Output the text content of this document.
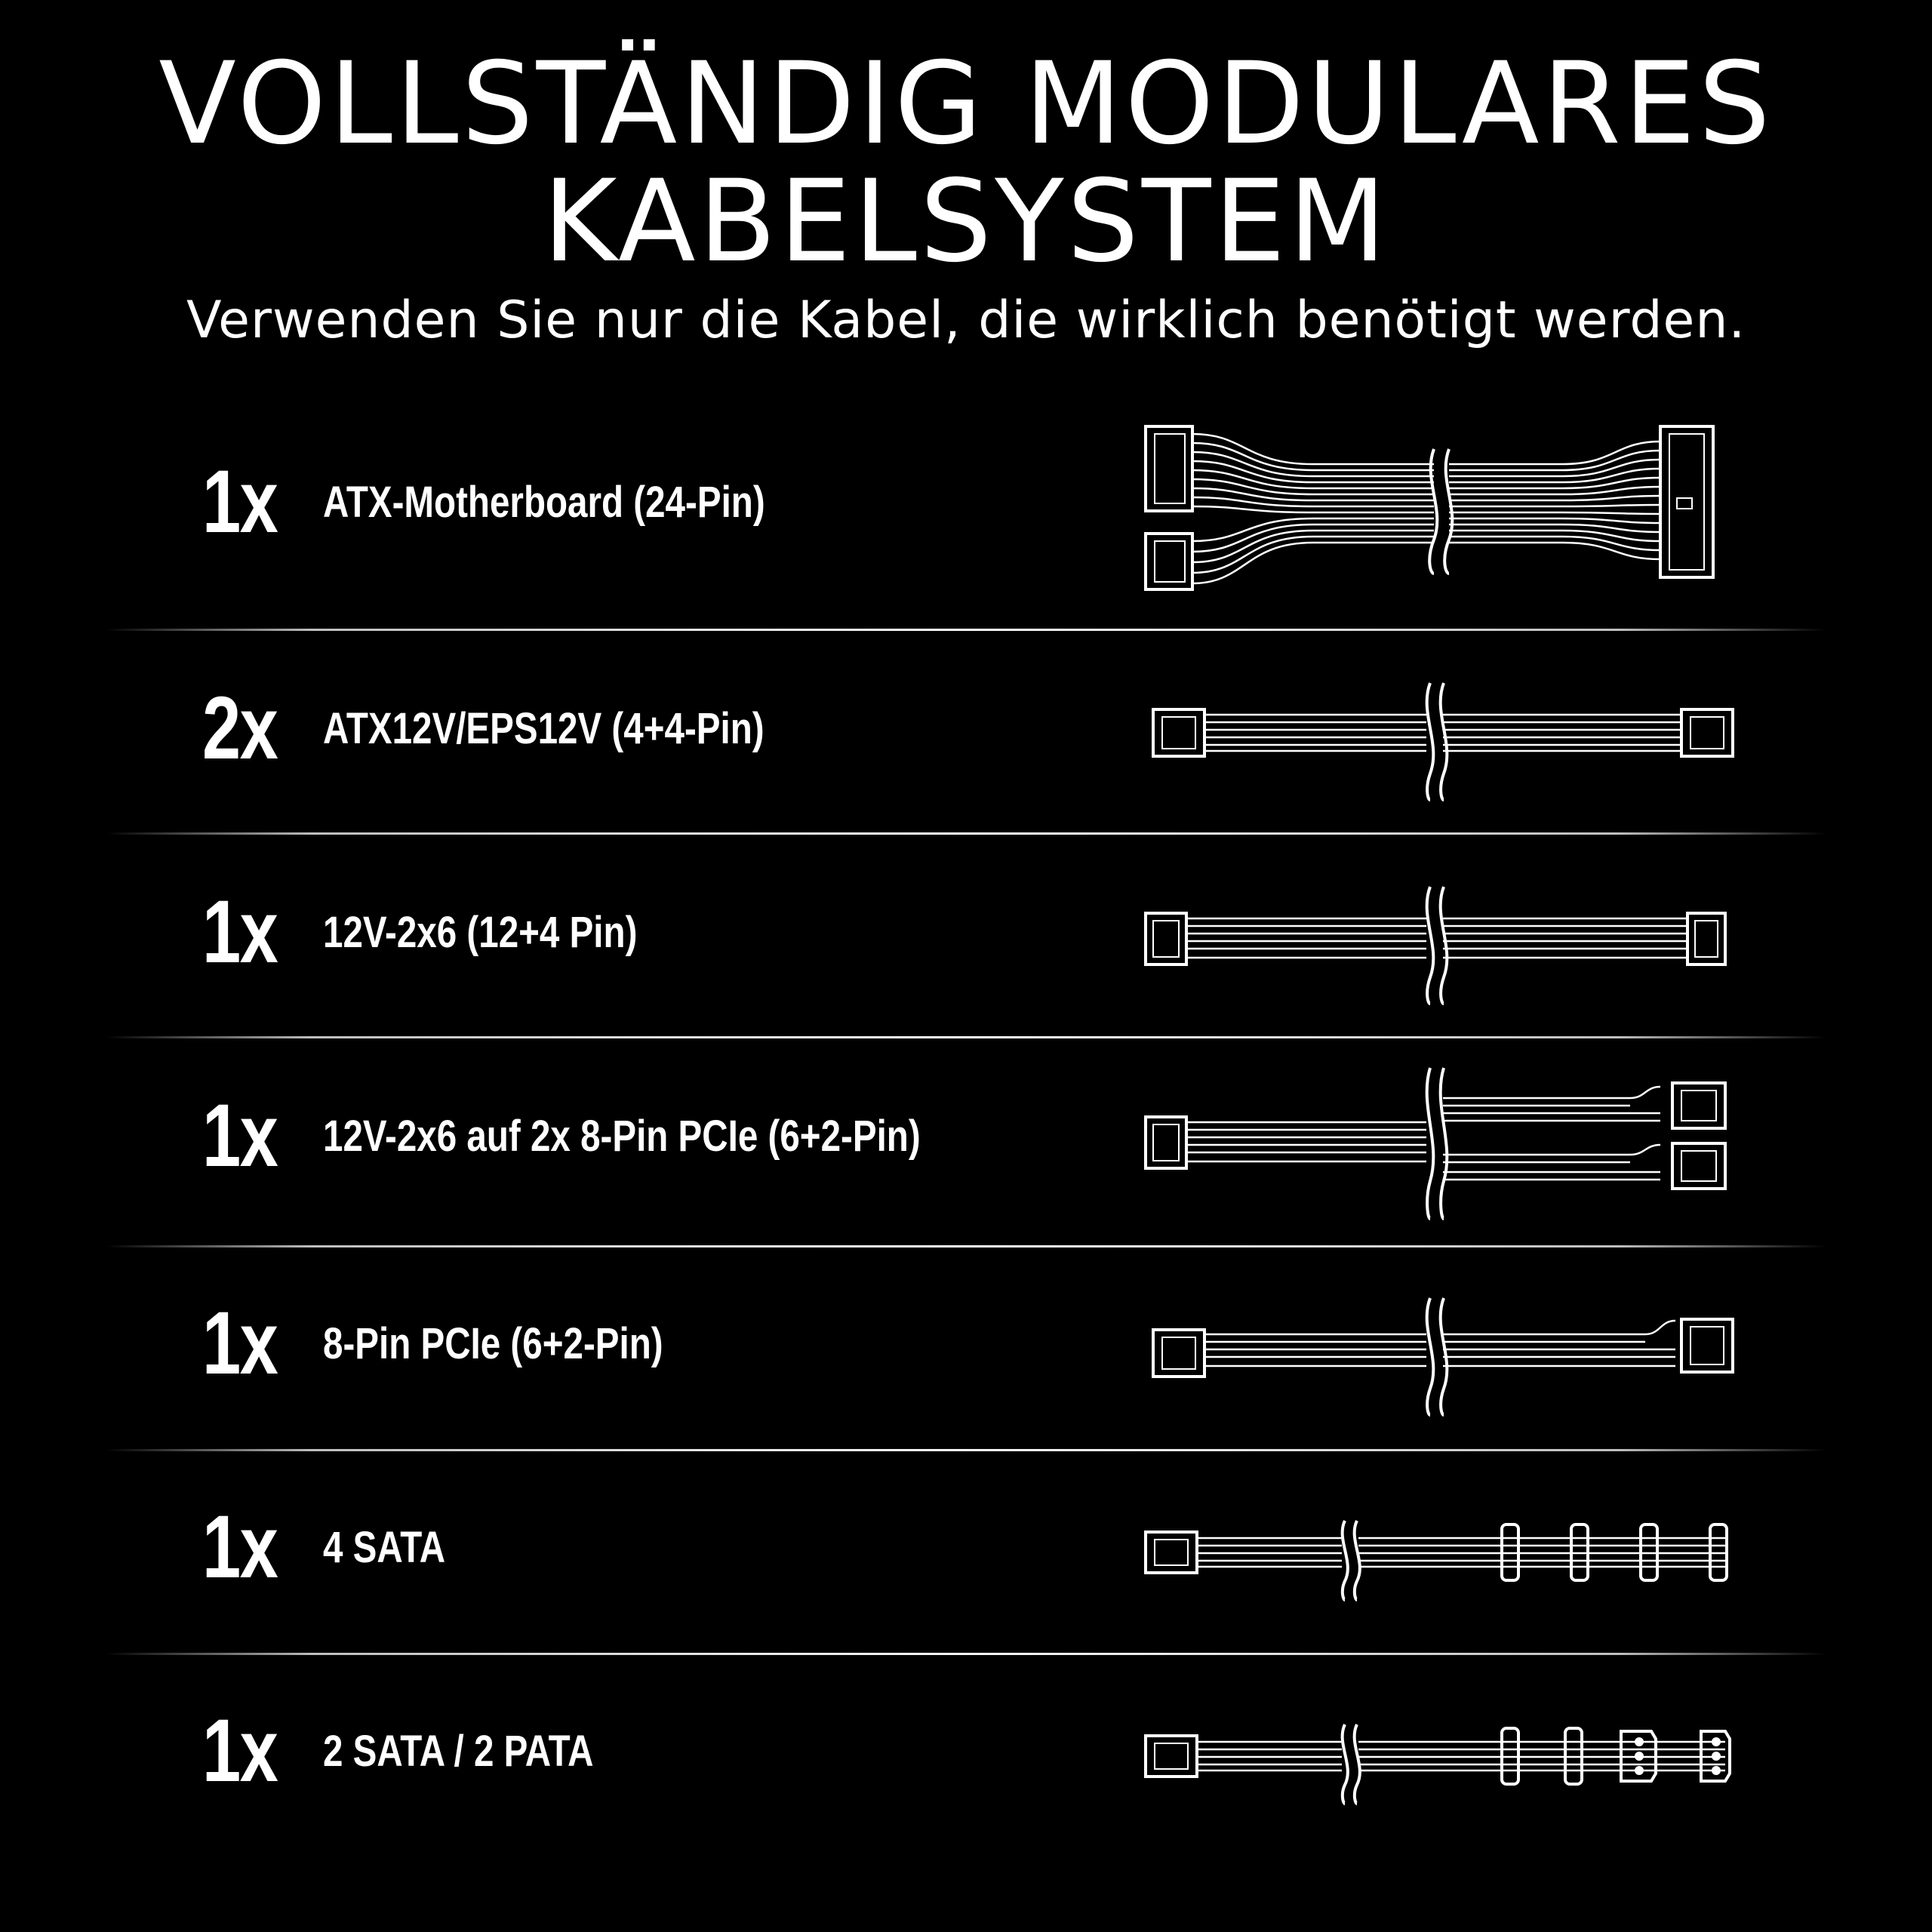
VOLLSTÄNDIG MODULARES
KABELSYSTEM

Verwenden Sie nur die Kabel, die wirklich benötigt werden.

1x ATX-Motherboard (24-Pin)
2x ATX12V/EPS12V (4+4-Pin)
1x 12V-2x6 (12+4 Pin)
1x 12V-2x6 auf 2x 8-Pin PCIe (6+2-Pin)
1x 8-Pin PCIe (6+2-Pin)
1x 4 SATA
1x 2 SATA / 2 PATA
